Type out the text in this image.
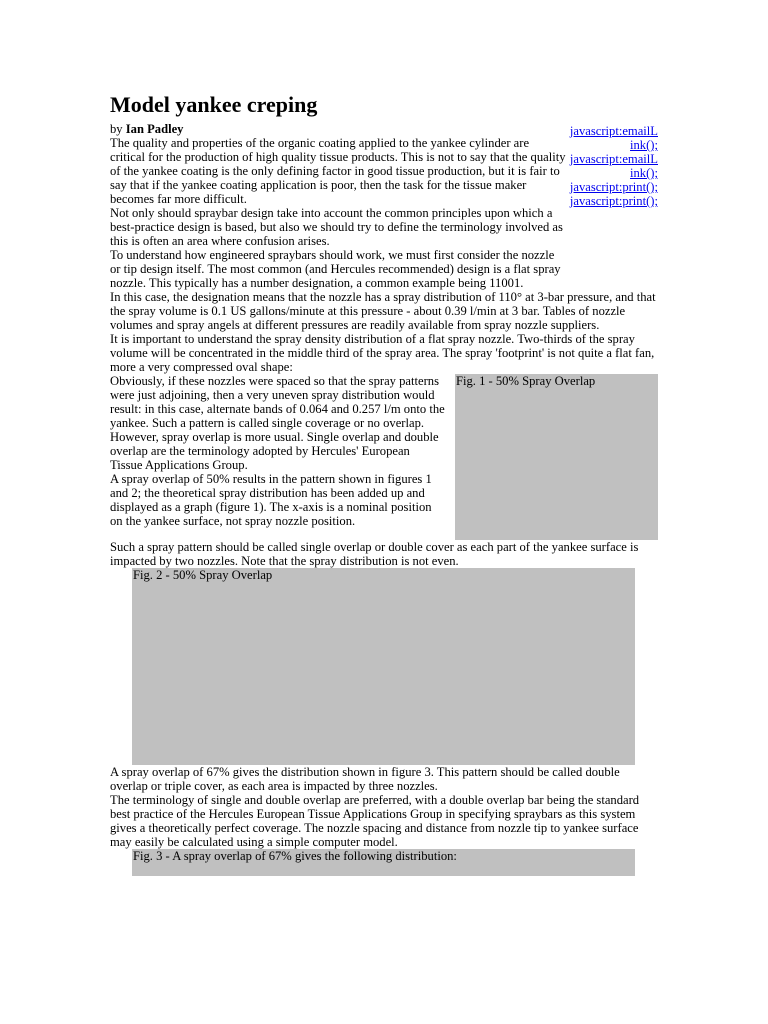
Model yankee creping
by Ian Padley	javascript:emailLink();
javascript:emailLink();
javascript:print();
javascript:print();

The quality and properties of the organic coating applied to the yankee cylinder are critical for the production of high quality tissue products. This is not to say that the quality of the yankee coating is the only defining factor in good tissue production, but it is fair to say that if the yankee coating application is poor, then the task for the tissue maker becomes far more difficult.

Not only should spraybar design take into account the common principles upon which a best-practice design is based, but also we should try to define the terminology involved as this is often an area where confusion arises.

To understand how engineered spraybars should work, we must first consider the nozzle or tip design itself. The most common (and Hercules recommended) design is a flat spray nozzle. This typically has a number designation, a common example being 11001.

In this case, the designation means that the nozzle has a spray distribution of 110° at 3-bar pressure, and that the spray volume is 0.1 US gallons/minute at this pressure - about 0.39 l/min at 3 bar. Tables of nozzle volumes and spray angels at different pressures are readily available from spray nozzle suppliers.

It is important to understand the spray density distribution of a flat spray nozzle. Two-thirds of the spray volume will be concentrated in the middle third of the spray area. The spray 'footprint' is not quite a flat fan, more a very compressed oval shape:

Fig. 1 - 50% Spray Overlap

Obviously, if these nozzles were spaced so that the spray patterns were just adjoining, then a very uneven spray distribution would result: in this case, alternate bands of 0.064 and 0.257 l/m onto the yankee. Such a pattern is called single coverage or no overlap.

However, spray overlap is more usual. Single overlap and double overlap are the terminology adopted by Hercules' European Tissue Applications Group.

A spray overlap of 50% results in the pattern shown in figures 1 and 2; the theoretical spray distribution has been added up and displayed as a graph (figure 1). The x-axis is a nominal position on the yankee surface, not spray nozzle position.

Such a spray pattern should be called single overlap or double cover as each part of the yankee surface is impacted by two nozzles. Note that the spray distribution is not even.

Fig. 2 - 50% Spray Overlap

A spray overlap of 67% gives the distribution shown in figure 3. This pattern should be called double overlap or triple cover, as each area is impacted by three nozzles.

The terminology of single and double overlap are preferred, with a double overlap bar being the standard best practice of the Hercules European Tissue Applications Group in specifying spraybars as this system gives a theoretically perfect coverage. The nozzle spacing and distance from nozzle tip to yankee surface may easily be calculated using a simple computer model.

Fig. 3 - A spray overlap of 67% gives the following distribution:
